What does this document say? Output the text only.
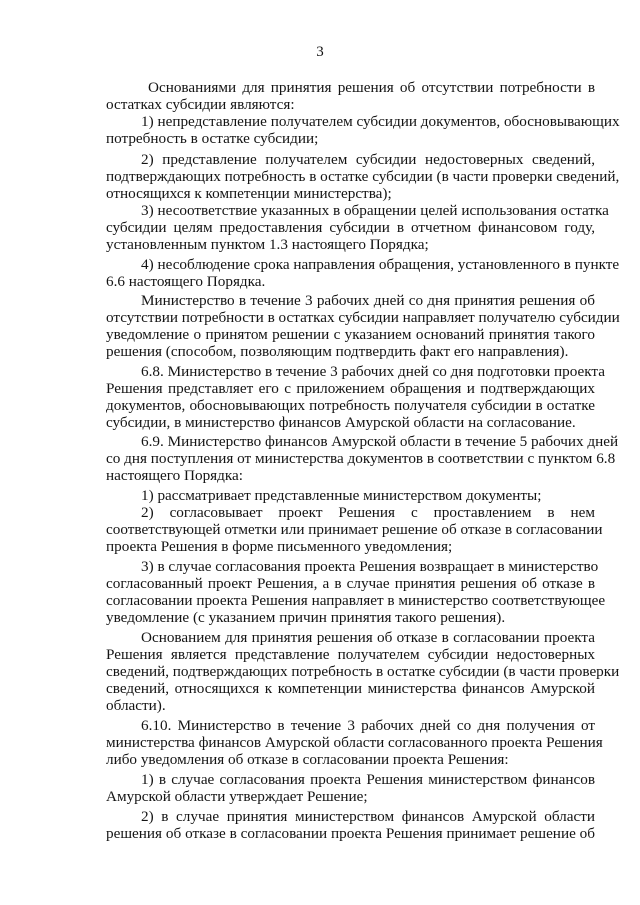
3
Основаниями для принятия решения об отсутствии потребности в
остатках субсидии являются:
1) непредставление получателем субсидии документов, обосновывающих
потребность в остатке субсидии;
2) представление получателем субсидии недостоверных сведений,
подтверждающих потребность в остатке субсидии (в части проверки сведений,
относящихся к компетенции министерства);
3) несоответствие указанных в обращении целей использования остатка
субсидии целям предоставления субсидии в отчетном финансовом году,
установленным пунктом 1.3 настоящего Порядка;
4) несоблюдение срока направления обращения, установленного в пункте
6.6 настоящего Порядка.
Министерство в течение 3 рабочих дней со дня принятия решения об
отсутствии потребности в остатках субсидии направляет получателю субсидии
уведомление о принятом решении с указанием оснований принятия такого
решения (способом, позволяющим подтвердить факт его направления).
6.8. Министерство в течение 3 рабочих дней со дня подготовки проекта
Решения представляет его с приложением обращения и подтверждающих
документов, обосновывающих потребность получателя субсидии в остатке
субсидии, в министерство финансов Амурской области на согласование.
6.9. Министерство финансов Амурской области в течение 5 рабочих дней
со дня поступления от министерства документов в соответствии с пунктом 6.8
настоящего Порядка:
1) рассматривает представленные министерством документы;
2) согласовывает проект Решения с проставлением в нем
соответствующей отметки или принимает решение об отказе в согласовании
проекта Решения в форме письменного уведомления;
3) в случае согласования проекта Решения возвращает в министерство
согласованный проект Решения, а в случае принятия решения об отказе в
согласовании проекта Решения направляет в министерство соответствующее
уведомление (с указанием причин принятия такого решения).
Основанием для принятия решения об отказе в согласовании проекта
Решения является представление получателем субсидии недостоверных
сведений, подтверждающих потребность в остатке субсидии (в части проверки
сведений, относящихся к компетенции министерства финансов Амурской
области).
6.10. Министерство в течение 3 рабочих дней со дня получения от
министерства финансов Амурской области согласованного проекта Решения
либо уведомления об отказе в согласовании проекта Решения:
1) в случае согласования проекта Решения министерством финансов
Амурской области утверждает Решение;
2) в случае принятия министерством финансов Амурской области
решения об отказе в согласовании проекта Решения принимает решение об
